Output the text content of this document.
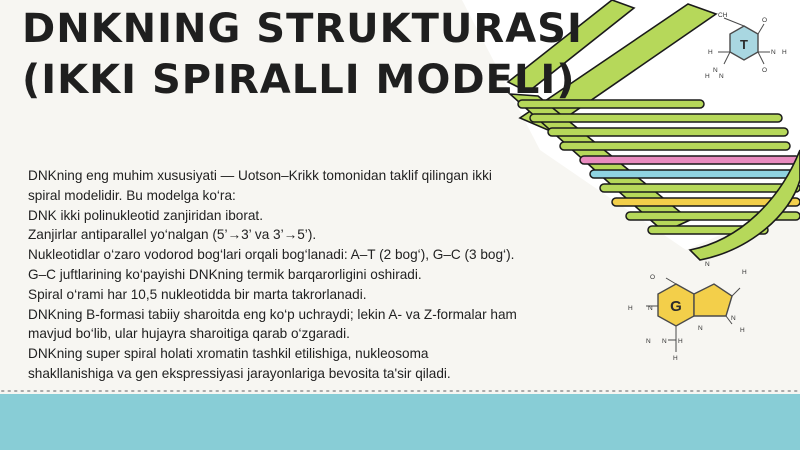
DNKNING STRUKTURASI
(IKKI SPIRALLI MODELI)
DNKning eng muhim xususiyati — Uotson–Krikk tomonidan taklif qilingan ikki
spiral modelidir. Bu modelga ko‘ra:
DNK ikki polinukleotid zanjiridan iborat.
Zanjirlar antiparallel yo‘nalgan (5’→3’ va 3’→5’).
Nukleotidlar o‘zaro vodorod bog‘lari orqali bog‘lanadi: A–T (2 bog‘), G–C (3 bog‘).
G–C juftlarining ko‘payishi DNKning termik barqarorligini oshiradi.
Spiral o‘rami har 10,5 nukleotidda bir marta takrorlanadi.
DNKning B-formasi tabiiy sharoitda eng ko‘p uchraydi; lekin A- va Z-formalar ham
mavjud bo‘lib, ular hujayra sharoitiga qarab o‘zgaradi.
DNKning super spiral holati xromatin tashkil etilishiga, nukleosoma
shakllanishiga va gen ekspressiyasi jarayonlariga bevosita ta'sir qiladi.
T
CH
O
H
N
N H
H N
O
G
O
N
H
H N
N
N	H
N N H
H
